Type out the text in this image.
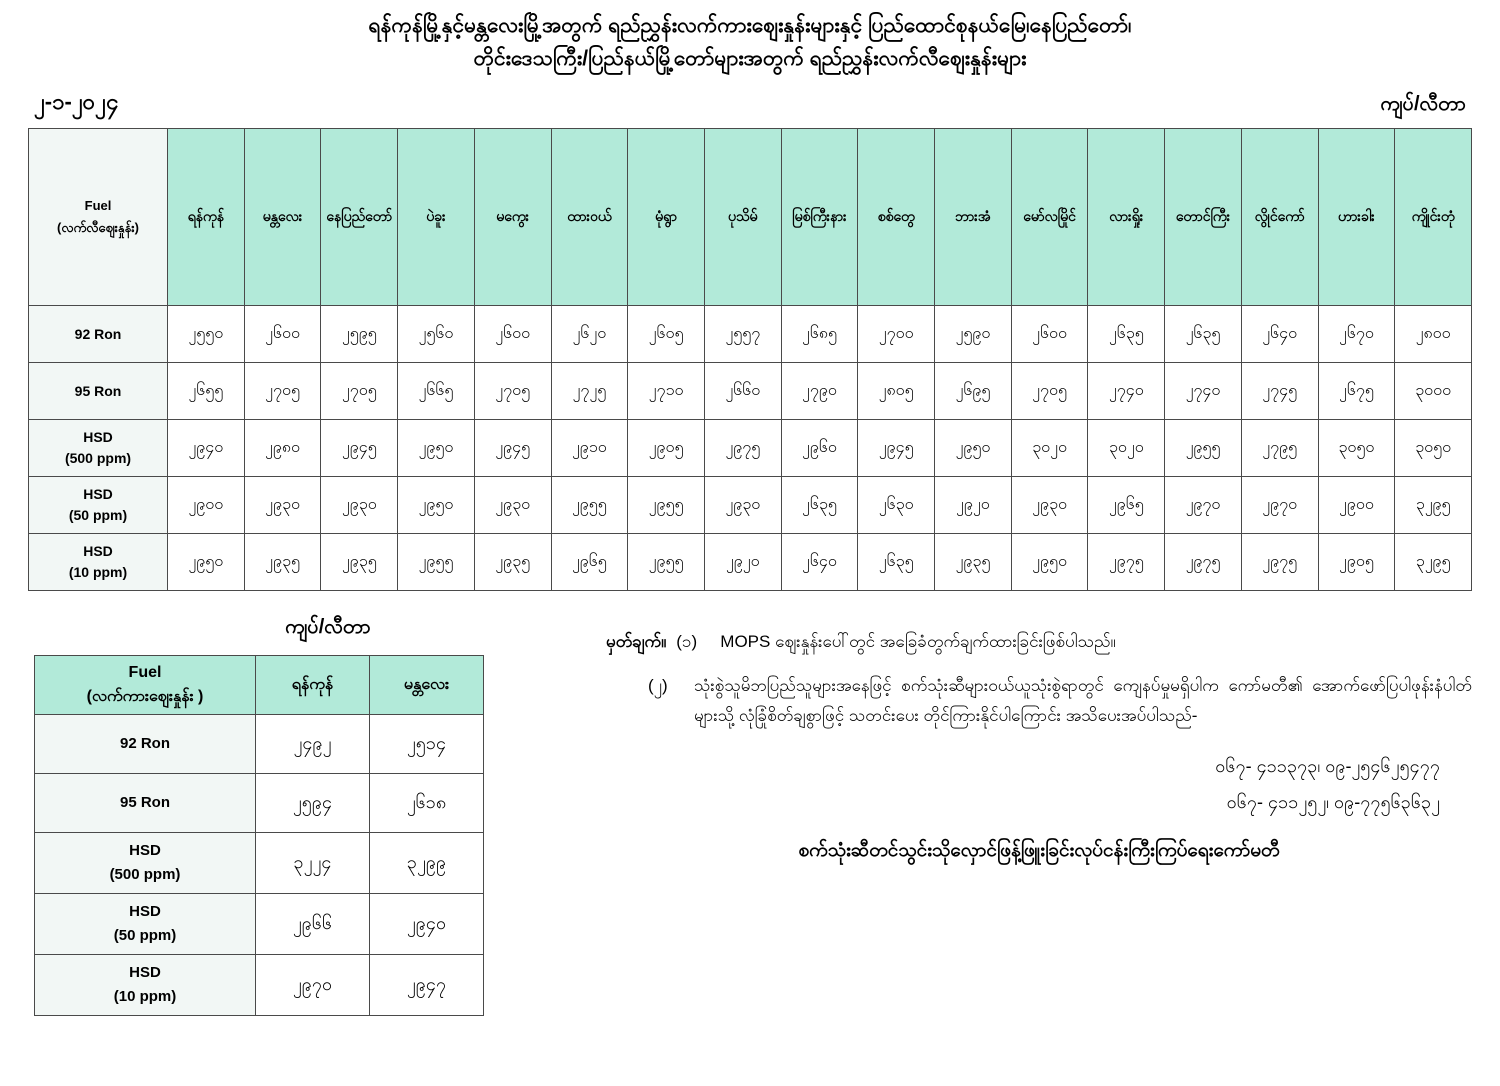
ရန်ကုန်မြို့နှင့်မန္တလေးမြို့အတွက် ရည်ညွှန်းလက်ကားဈေးနှုန်းများနှင့် ပြည်ထောင်စုနယ်မြေ၊နေပြည်တော်၊
တိုင်းဒေသကြီး/ပြည်နယ်မြို့တော်များအတွက် ရည်ညွှန်းလက်လီဈေးနှုန်းများ
၂-၁-၂၀၂၄	ကျပ်/လီတာ
Fuel
(လက်လီဈေးနှုန်း)	ရန်ကုန်	မန္တလေး	နေပြည်တော်	ပဲခူး	မကွေး	ထားဝယ်	မုံရွာ	ပုသိမ်	မြစ်ကြီးနား	စစ်တွေ	ဘားအံ	မော်လမြိုင်	လားရှိုး	တောင်ကြီး	လွိုင်ကော်	ဟားခါး	ကျိုင်းတုံ

92 Ron	၂၅၅၀	၂၆၀၀	၂၅၉၅	၂၅၆၀	၂၆၀၀	၂၆၂၀	၂၆၀၅	၂၅၅၇	၂၆၈၅	၂၇၀၀	၂၅၉၀	၂၆၀၀	၂၆၃၅	၂၆၃၅	၂၆၄၀	၂၆၇၀	၂၈၀၀

95 Ron	၂၆၅၅	၂၇၀၅	၂၇၀၅	၂၆၆၅	၂၇၀၅	၂၇၂၅	၂၇၁၀	၂၆၆၀	၂၇၉၀	၂၈၀၅	၂၆၉၅	၂၇၀၅	၂၇၄၀	၂၇၄၀	၂၇၄၅	၂၆၇၅	၃၀၀၀

HSD
(500 ppm)	၂၉၄၀	၂၉၈၀	၂၉၄၅	၂၉၅၀	၂၉၄၅	၂၉၁၀	၂၉၀၅	၂၉၇၅	၂၉၆၀	၂၉၄၅	၂၉၅၀	၃၀၂၀	၃၀၂၀	၂၉၅၅	၂၇၉၅	၃၀၅၀	၃၀၅၀

HSD
(50 ppm)	၂၉၀၀	၂၉၃၀	၂၉၃၀	၂၉၅၀	၂၉၃၀	၂၉၅၅	၂၉၅၅	၂၉၃၀	၂၆၃၅	၂၆၃၀	၂၉၂၀	၂၉၃၀	၂၉၆၅	၂၉၇၀	၂၉၇၀	၂၉၀၀	၃၂၉၅

HSD
(10 ppm)	၂၉၅၀	၂၉၃၅	၂၉၃၅	၂၉၅၅	၂၉၃၅	၂၉၆၅	၂၉၅၅	၂၉၂၀	၂၆၄၀	၂၆၃၅	၂၉၃၅	၂၉၅၀	၂၉၇၅	၂၉၇၅	၂၉၇၅	၂၉၀၅	၃၂၉၅
ကျပ်/လီတာ
Fuel
(လက်ကားဈေးနှုန်း )	ရန်ကုန်	မန္တလေး

92 Ron	၂၄၉၂	၂၅၁၄

95 Ron	၂၅၉၄	၂၆၁၈

HSD
(500 ppm)	၃၂၂၄	၃၂၉၉

HSD
(50 ppm)	၂၉၆၆	၂၉၄၀

HSD
(10 ppm)	၂၉၇၀	၂၉၄၇
မှတ်ချက်။ (၁)	MOPS ဈေးနှုန်းပေါ်တွင် အခြေခံတွက်ချက်ထားခြင်းဖြစ်ပါသည်။
(၂)	သုံးစွဲသူမိဘပြည်သူများအနေဖြင့် စက်သုံးဆီများဝယ်ယူသုံးစွဲရာတွင် ကျေနပ်မှုမရှိပါက ကော်မတီ၏ အောက်ဖော်ပြပါဖုန်းနံပါတ်များသို့ လုံခြုံစိတ်ချစွာဖြင့် သတင်းပေး တိုင်ကြားနိုင်ပါကြောင်း အသိပေးအပ်ပါသည်-
၀၆၇- ၄၁၁၃၇၃၊ ၀၉-၂၅၄၆၂၅၄၇၇
၀၆၇- ၄၁၁၂၅၂၊ ၀၉-၇၇၅၆၃၆၃၂
စက်သုံးဆီတင်သွင်းသိုလှောင်ဖြန့်ဖြူးခြင်းလုပ်ငန်းကြီးကြပ်ရေးကော်မတီ
